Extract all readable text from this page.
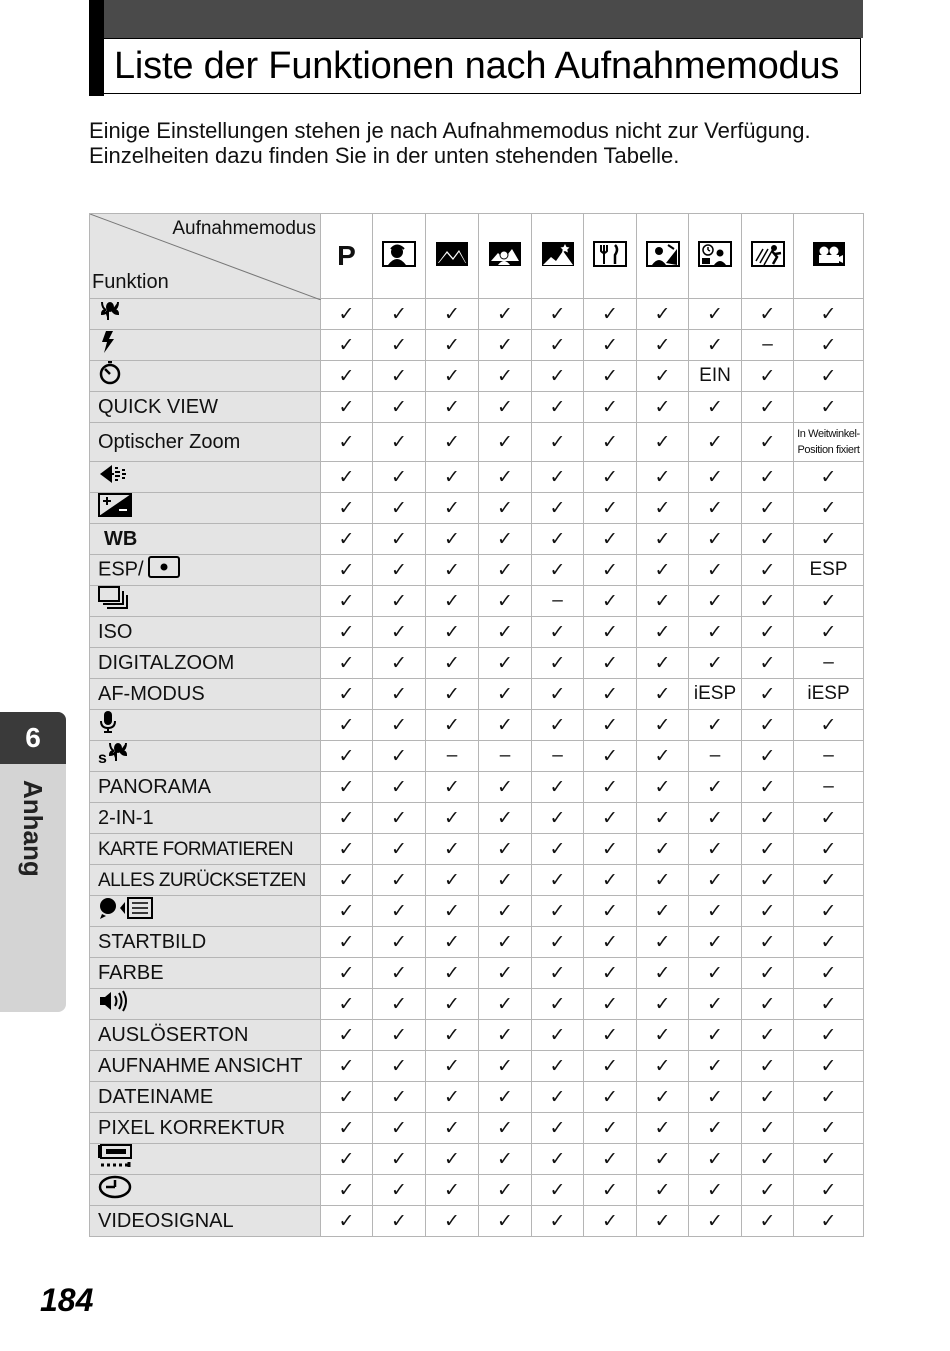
Liste der Funktionen nach Aufnahmemodus
Einige Einstellungen stehen je nach Aufnahmemodus nicht zur Verfügung. Einzelheiten dazu finden Sie in der unten stehenden Tabelle.
Aufnahmemodus
Funktion	P									
	✓	✓	✓	✓	✓	✓	✓	✓	✓	✓
	✓	✓	✓	✓	✓	✓	✓	✓	–	✓
	✓	✓	✓	✓	✓	✓	✓	EIN	✓	✓
QUICK VIEW	✓	✓	✓	✓	✓	✓	✓	✓	✓	✓
Optischer Zoom	✓	✓	✓	✓	✓	✓	✓	✓	✓	In Weitwinkel-Position fixiert

	✓	✓	✓	✓	✓	✓	✓	✓	✓	✓
	✓	✓	✓	✓	✓	✓	✓	✓	✓	✓
WB	✓	✓	✓	✓	✓	✓	✓	✓	✓	✓
ESP/	✓	✓	✓	✓	✓	✓	✓	✓	✓	ESP
	✓	✓	✓	✓	–	✓	✓	✓	✓	✓
ISO	✓	✓	✓	✓	✓	✓	✓	✓	✓	✓
DIGITALZOOM	✓	✓	✓	✓	✓	✓	✓	✓	✓	–
AF-MODUS	✓	✓	✓	✓	✓	✓	✓	iESP	✓	iESP
	✓	✓	✓	✓	✓	✓	✓	✓	✓	✓

s	✓	✓	–	–	–	✓	✓	–	✓	–
PANORAMA	✓	✓	✓	✓	✓	✓	✓	✓	✓	–
2-IN-1	✓	✓	✓	✓	✓	✓	✓	✓	✓	✓
KARTE FORMATIEREN	✓	✓	✓	✓	✓	✓	✓	✓	✓	✓
ALLES ZURÜCKSETZEN	✓	✓	✓	✓	✓	✓	✓	✓	✓	✓
	✓	✓	✓	✓	✓	✓	✓	✓	✓	✓
STARTBILD	✓	✓	✓	✓	✓	✓	✓	✓	✓	✓
FARBE	✓	✓	✓	✓	✓	✓	✓	✓	✓	✓
	✓	✓	✓	✓	✓	✓	✓	✓	✓	✓
AUSLÖSERTON	✓	✓	✓	✓	✓	✓	✓	✓	✓	✓
AUFNAHME ANSICHT	✓	✓	✓	✓	✓	✓	✓	✓	✓	✓
DATEINAME	✓	✓	✓	✓	✓	✓	✓	✓	✓	✓
PIXEL KORREKTUR	✓	✓	✓	✓	✓	✓	✓	✓	✓	✓
	✓	✓	✓	✓	✓	✓	✓	✓	✓	✓
	✓	✓	✓	✓	✓	✓	✓	✓	✓	✓
VIDEOSIGNAL	✓	✓	✓	✓	✓	✓	✓	✓	✓	✓
6
Anhang
184
